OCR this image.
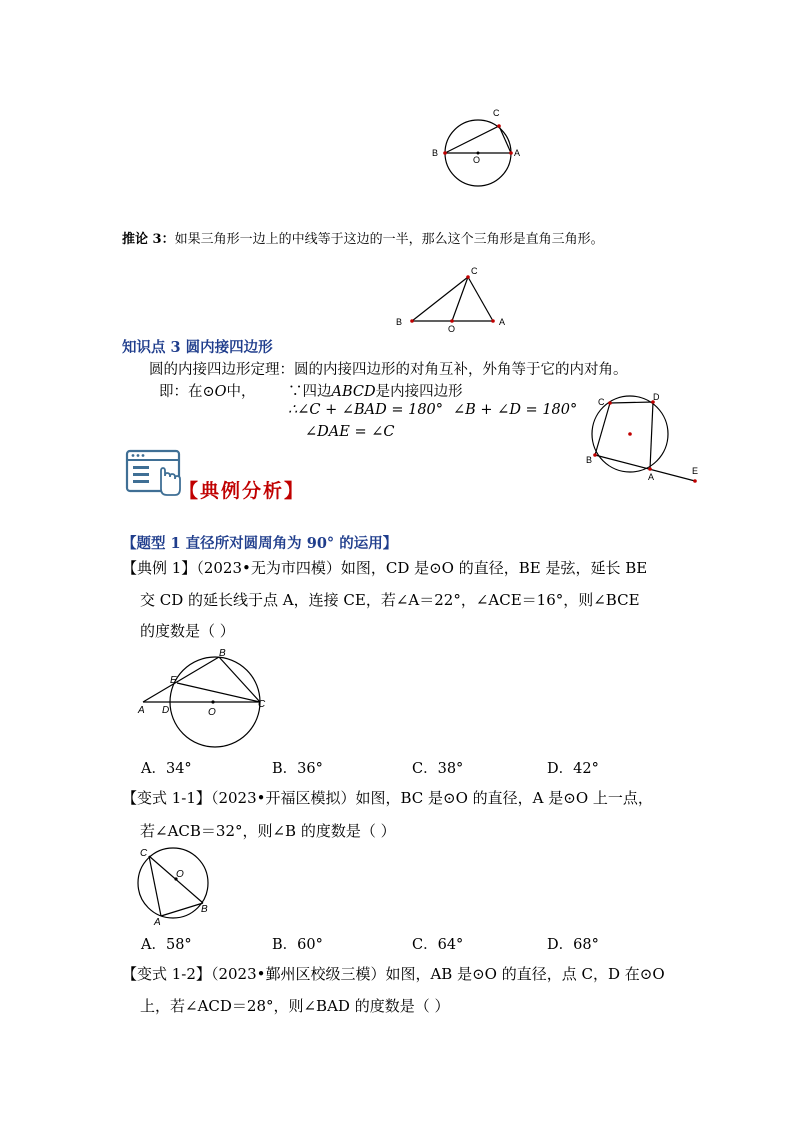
C
B
O
A
推论 3：如果三角形一边上的中线等于这边的一半，那么这个三角形是直角三角形。
C
B
O
A
知识点 3 圆内接四边形
圆的内接四边形定理：圆的内接四边形的对角互补，外角等于它的内对角。
即：在⊙O中， ∵四边ABCD是内接四边形
∴∠C + ∠BAD = 180° ∠B + ∠D = 180°
∠DAE = ∠C
C	D
B
A
E
【典例分析】
【题型 1 直径所对圆周角为 90° 的运用】
【典例 1】（2023•无为市四模）如图，CD 是⊙O 的直径，BE 是弦，延长 BE
交 CD 的延长线于点 A，连接 CE，若∠A＝22°，∠ACE＝16°，则∠BCE
的度数是（ ）
B
E
A D	O
C
A．34°	B．36°	C．38°	D．42°
【变式 1-1】（2023•开福区模拟）如图，BC 是⊙O 的直径，A 是⊙O 上一点，
若∠ACB＝32°，则∠B 的度数是（ ）
C
O
A
B
A．58°	B．60°	C．64°	D．68°
【变式 1-2】（2023•鄞州区校级三模）如图，AB 是⊙O 的直径，点 C，D 在⊙O
上，若∠ACD＝28°，则∠BAD 的度数是（ ）
